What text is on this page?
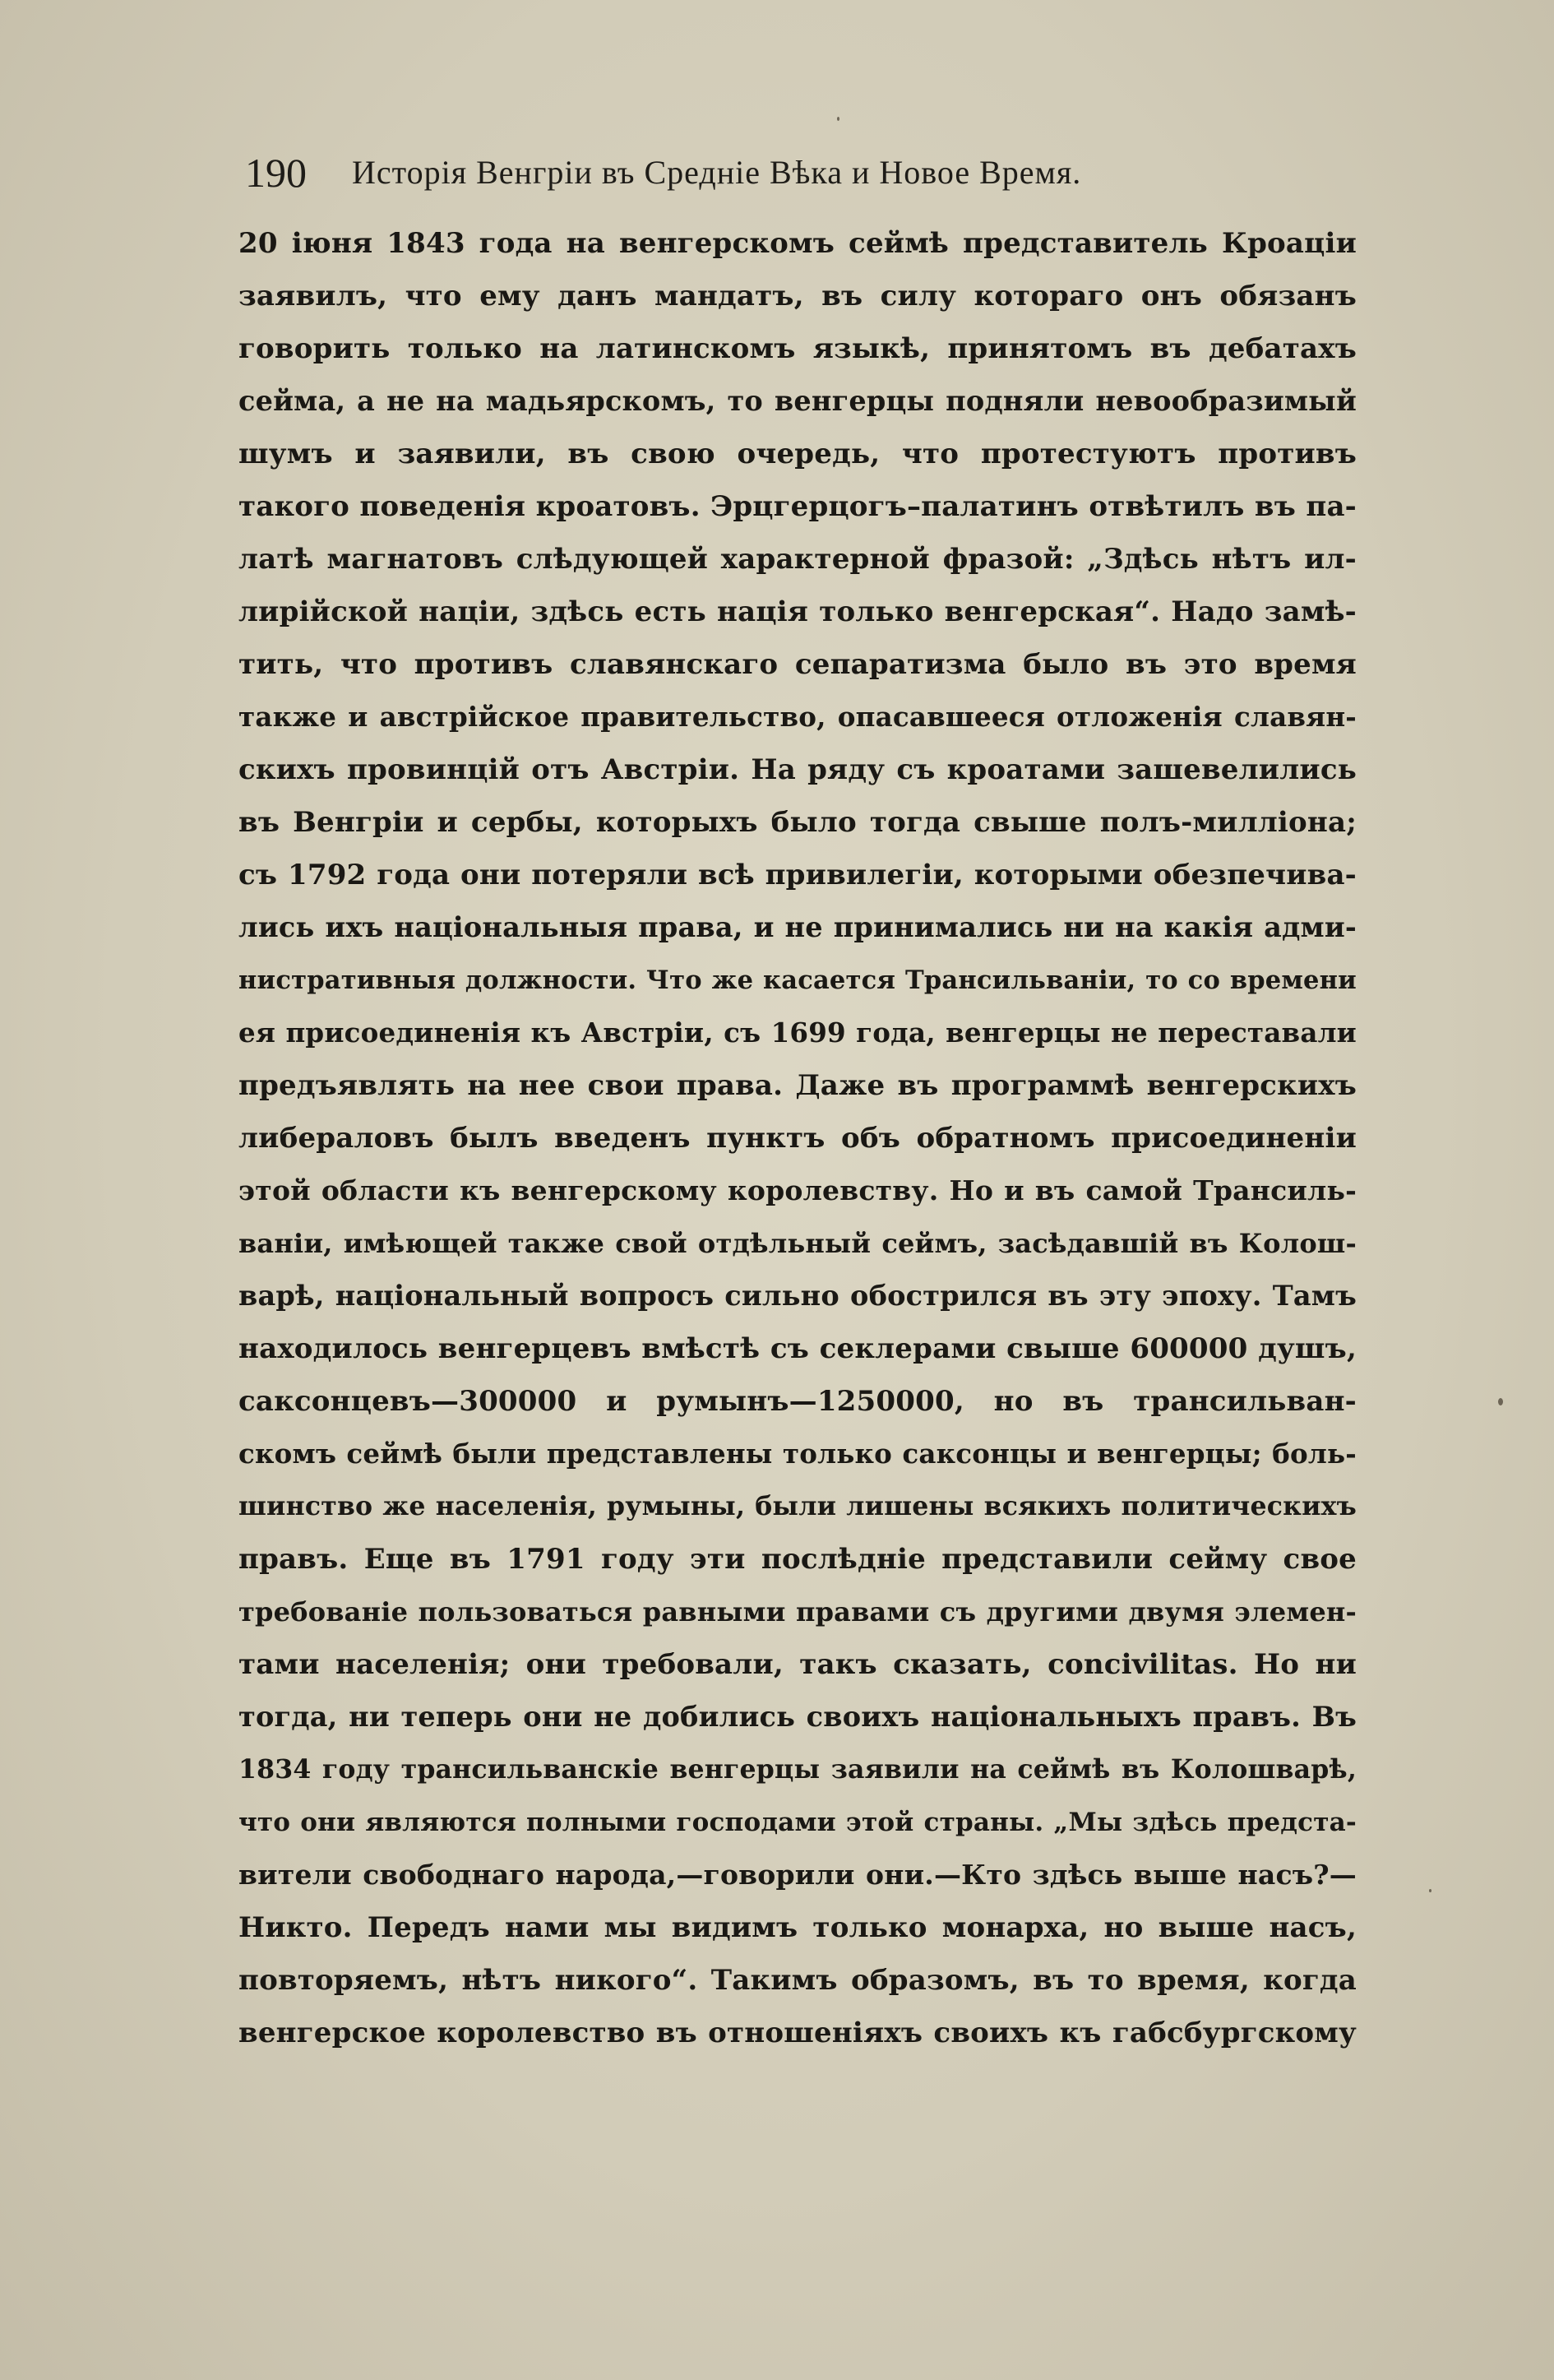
190 Исторія Венгріи въ Средніе Вѣка и Новое Время.
20 іюня 1843 года на венгерскомъ сеймѣ представитель Кроаціи
заявилъ, что ему данъ мандатъ, въ силу котораго онъ обязанъ
говорить только на латинскомъ языкѣ, принятомъ въ дебатахъ
сейма, а не на мадьярскомъ, то венгерцы подняли невообразимый
шумъ и заявили, въ свою очередь, что протестуютъ противъ
такого поведенія кроатовъ. Эрцгерцогъ–палатинъ отвѣтилъ въ па-
латѣ магнатовъ слѣдующей характерной фразой: „Здѣсь нѣтъ ил-
лирійской націи, здѣсь есть нація только венгерская“. Надо замѣ-
тить, что противъ славянскаго сепаратизма было въ это время
также и австрійское правительство, опасавшееся отложенія славян-
скихъ провинцій отъ Австріи. На ряду съ кроатами зашевелились
въ Венгріи и сербы, которыхъ было тогда свыше полъ-милліона;
съ 1792 года они потеряли всѣ привилегіи, которыми обезпечива-
лись ихъ національныя права, и не принимались ни на какія адми-
нистративныя должности. Что же касается Трансильваніи, то со времени
ея присоединенія къ Австріи, съ 1699 года, венгерцы не переставали
предъявлять на нее свои права. Даже въ программѣ венгерскихъ
либераловъ былъ введенъ пунктъ объ обратномъ присоединеніи
этой области къ венгерскому королевству. Но и въ самой Трансиль-
ваніи, имѣющей также свой отдѣльный сеймъ, засѣдавшій въ Колош-
варѣ, національный вопросъ сильно обострился въ эту эпоху. Тамъ
находилось венгерцевъ вмѣстѣ съ секлерами свыше 600000 душъ,
саксонцевъ—300000 и румынъ—1250000, но въ трансильван-
скомъ сеймѣ были представлены только саксонцы и венгерцы; боль-
шинство же населенія, румыны, были лишены всякихъ политическихъ
правъ. Еще въ 1791 году эти послѣдніе представили сейму свое
требованіе пользоваться равными правами съ другими двумя элемен-
тами населенія; они требовали, такъ сказать, concivilitas. Но ни
тогда, ни теперь они не добились своихъ національныхъ правъ. Въ
1834 году трансильванскіе венгерцы заявили на сеймѣ въ Колошварѣ,
что они являются полными господами этой страны. „Мы здѣсь предста-
вители свободнаго народа,—говорили они.—Кто здѣсь выше насъ?—
Никто. Передъ нами мы видимъ только монарха, но выше насъ,
повторяемъ, нѣтъ никого“. Такимъ образомъ, въ то время, когда
венгерское королевство въ отношеніяхъ своихъ къ габсбургскому
